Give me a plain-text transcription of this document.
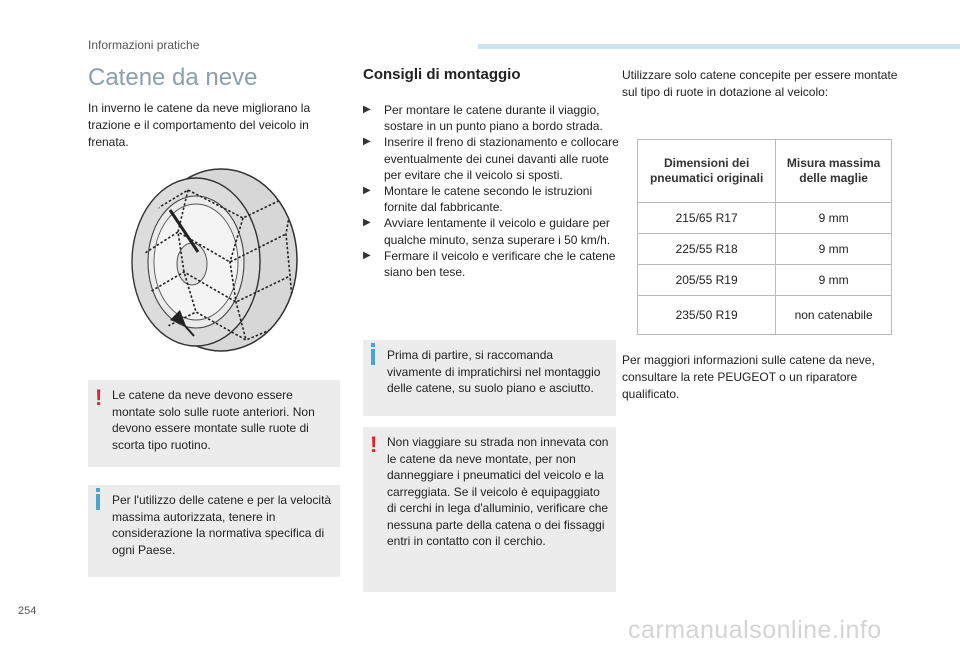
Informazioni pratiche
Catene da neve

In inverno le catene da neve migliorano la trazione e il comportamento del veicolo in frenata.

! Le catene da neve devono essere montate solo sulle ruote anteriori. Non devono essere montate sulle ruote di scorta tipo ruotino.

Per l'utilizzo delle catene e per la velocità massima autorizzata, tenere in considerazione la normativa specifica di ogni Paese.

Consigli di montaggio
▶ Per montare le catene durante il viaggio, sostare in un punto piano a bordo strada.
▶ Inserire il freno di stazionamento e collocare eventualmente dei cunei davanti alle ruote per evitare che il veicolo si sposti.
▶ Montare le catene secondo le istruzioni fornite dal fabbricante.
▶ Avviare lentamente il veicolo e guidare per qualche minuto, senza superare i 50 km/h.
▶ Fermare il veicolo e verificare che le catene siano ben tese.

Prima di partire, si raccomanda vivamente di impratichirsi nel montaggio delle catene, su suolo piano e asciutto.

! Non viaggiare su strada non innevata con le catene da neve montate, per non danneggiare i pneumatici del veicolo e la carreggiata. Se il veicolo è equipaggiato di cerchi in lega d'alluminio, verificare che nessuna parte della catena o dei fissaggi entri in contatto con il cerchio.

Utilizzare solo catene concepite per essere montate sul tipo di ruote in dotazione al veicolo:

Dimensioni dei pneumatici originali	Misura massima delle maglie
215/65 R17	9 mm
225/55 R18	9 mm
205/55 R19	9 mm
235/50 R19	non catenabile

Per maggiori informazioni sulle catene da neve, consultare la rete PEUGEOT o un riparatore qualificato.

254
carmanualsonline.info
